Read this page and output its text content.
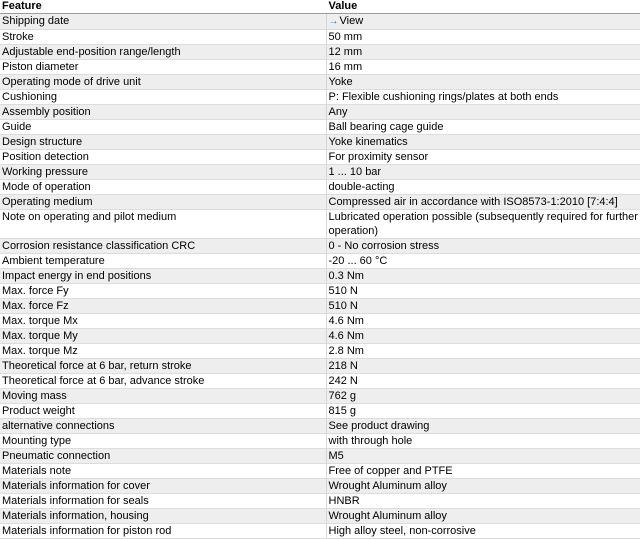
Feature	Value
Shipping date	→View
Stroke	50 mm
Adjustable end-position range/length	12 mm
Piston diameter	16 mm
Operating mode of drive unit	Yoke
Cushioning	P: Flexible cushioning rings/plates at both ends
Assembly position	Any
Guide	Ball bearing cage guide
Design structure	Yoke kinematics
Position detection	For proximity sensor
Working pressure	1 ... 10 bar
Mode of operation	double-acting
Operating medium	Compressed air in accordance with ISO8573-1:2010 [7:4:4]
Note on operating and pilot medium	Lubricated operation possible (subsequently required for further operation)
Corrosion resistance classification CRC	0 - No corrosion stress
Ambient temperature	-20 ... 60 °C
Impact energy in end positions	0.3 Nm
Max. force Fy	510 N
Max. force Fz	510 N
Max. torque Mx	4.6 Nm
Max. torque My	4.6 Nm
Max. torque Mz	2.8 Nm
Theoretical force at 6 bar, return stroke	218 N
Theoretical force at 6 bar, advance stroke	242 N
Moving mass	762 g
Product weight	815 g
alternative connections	See product drawing
Mounting type	with through hole
Pneumatic connection	M5
Materials note	Free of copper and PTFE
Materials information for cover	Wrought Aluminum alloy
Materials information for seals	HNBR
Materials information, housing	Wrought Aluminum alloy
Materials information for piston rod	High alloy steel, non-corrosive
